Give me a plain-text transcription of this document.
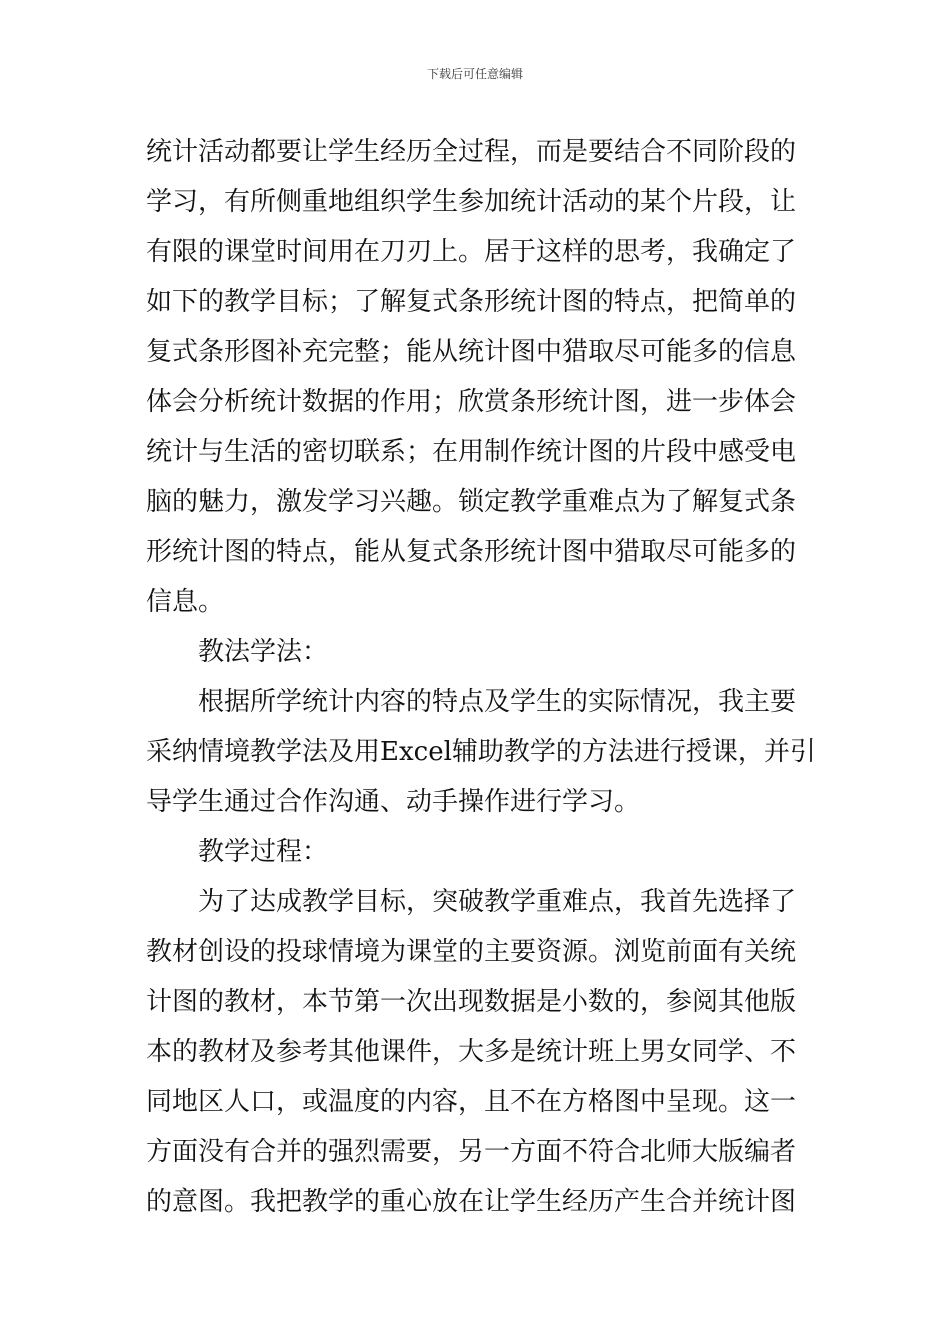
下载后可任意编辑
统计活动都要让学生经历全过程，而是要结合不同阶段的
学习，有所侧重地组织学生参加统计活动的某个片段，让
有限的课堂时间用在刀刃上。居于这样的思考，我确定了
如下的教学目标；了解复式条形统计图的特点，把简单的
复式条形图补充完整；能从统计图中猎取尽可能多的信息
体会分析统计数据的作用；欣赏条形统计图，进一步体会
统计与生活的密切联系；在用制作统计图的片段中感受电
脑的魅力，激发学习兴趣。锁定教学重难点为了解复式条
形统计图的特点，能从复式条形统计图中猎取尽可能多的
信息。
　　教法学法：
　　根据所学统计内容的特点及学生的实际情况，我主要
采纳情境教学法及用Excel辅助教学的方法进行授课，并引
导学生通过合作沟通、动手操作进行学习。
　　教学过程：
　　为了达成教学目标，突破教学重难点，我首先选择了
教材创设的投球情境为课堂的主要资源。浏览前面有关统
计图的教材，本节第一次出现数据是小数的，参阅其他版
本的教材及参考其他课件，大多是统计班上男女同学、不
同地区人口，或温度的内容，且不在方格图中呈现。这一
方面没有合并的强烈需要，另一方面不符合北师大版编者
的意图。我把教学的重心放在让学生经历产生合并统计图
